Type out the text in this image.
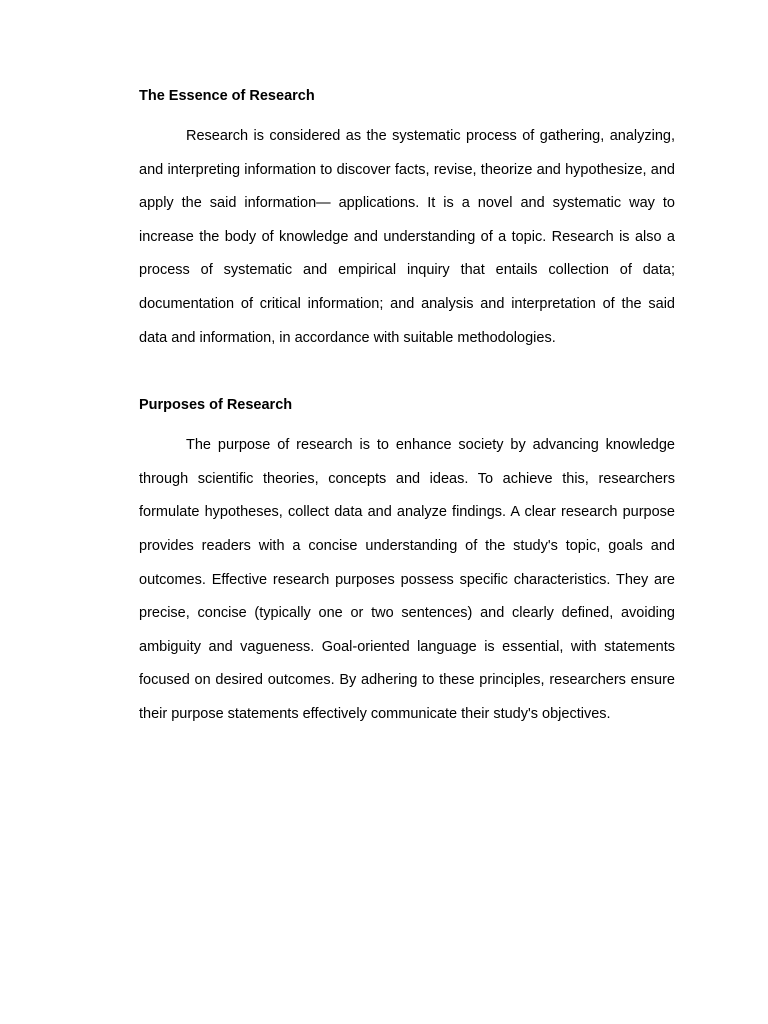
The Essence of Research

Research is considered as the systematic process of gathering, analyzing, and interpreting information to discover facts, revise, theorize and hypothesize, and apply the said information— applications. It is a novel and systematic way to increase the body of knowledge and understanding of a topic. Research is also a process of systematic and empirical inquiry that entails collection of data; documentation of critical information; and analysis and interpretation of the said data and information, in accordance with suitable methodologies.

Purposes of Research

The purpose of research is to enhance society by advancing knowledge through scientific theories, concepts and ideas. To achieve this, researchers formulate hypotheses, collect data and analyze findings. A clear research purpose provides readers with a concise understanding of the study's topic, goals and outcomes. Effective research purposes possess specific characteristics. They are precise, concise (typically one or two sentences) and clearly defined, avoiding ambiguity and vagueness. Goal-oriented language is essential, with statements focused on desired outcomes. By adhering to these principles, researchers ensure their purpose statements effectively communicate their study's objectives.
